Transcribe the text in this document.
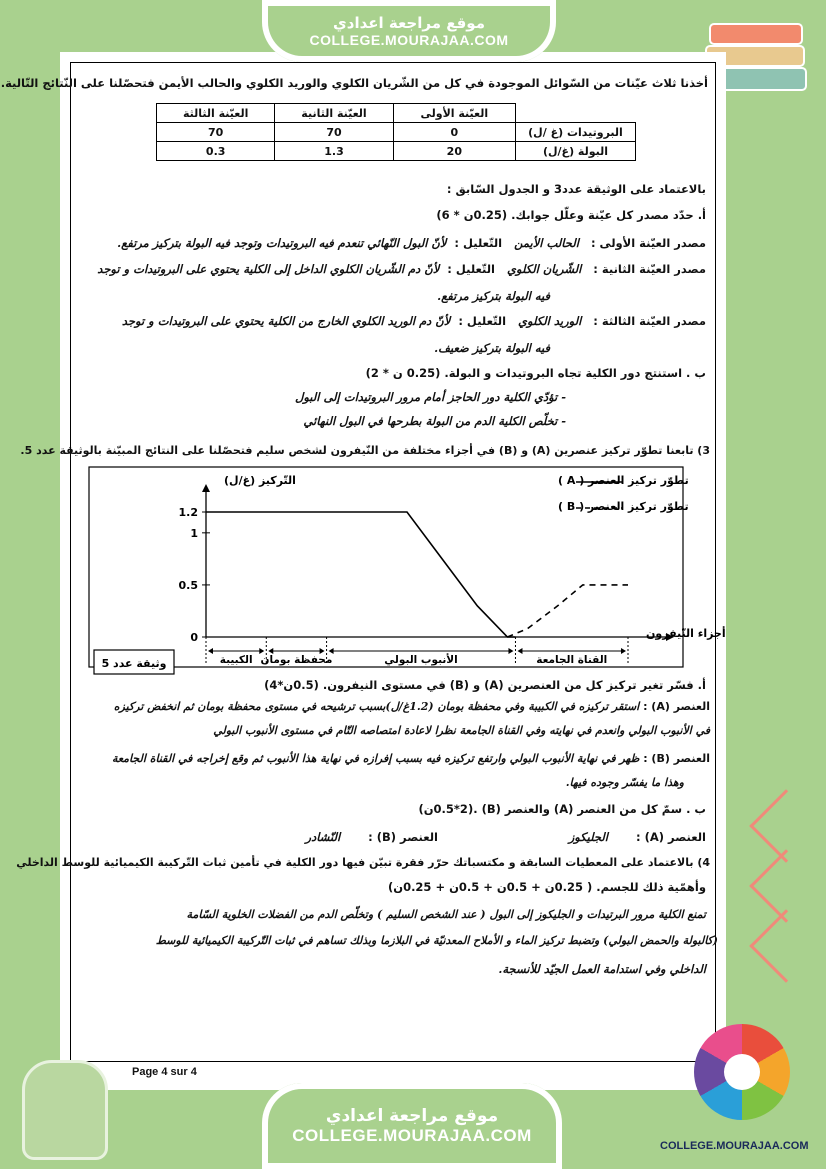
موقع مراجعة اعدادي
COLLEGE.MOURAJAA.COM
أخذنا ثلاث عيّنات من السّوائل الموجودة في كل من الشّريان الكلوي والوريد الكلوي والحالب الأيمن فتحصّلنا على النّتائج التّالية.
	العيّنة الأولى	العيّنة الثانية	العيّنة الثالثة
البروتيدات (غ /ل)	0	70	70
البولة (غ/ل)	20	1.3	0.3
بالاعتماد على الوثيقة عدد3 و الجدول السّابق :
أ. حدّد مصدر كل عيّنة وعلّل جوابك. (0.25ن * 6)
مصدر العيّنة الأولى :   الحالب الأيمن   التّعليل :  لأنّ البول النّهائي تنعدم فيه البروتيدات وتوجد فيه البولة بتركيز مرتفع.
مصدر العيّنة الثانية :   الشّريان الكلوي   التّعليل :  لأنّ دم الشّريان الكلوي الداخل إلى الكلية يحتوي على البروتيدات و توجد
فيه البولة بتركيز مرتفع.
مصدر العيّنة الثالثة :   الوريد الكلوي   التّعليل :  لأنّ دم الوريد الكلوي الخارج من الكلية يحتوي على البروتيدات و توجد
فيه البولة بتركيز ضعيف.
ب . استنتج دور الكلية تجاه البروتيدات و البولة. (0.25 ن * 2)
- تؤدّي الكلية دور الحاجز أمام مرور البروتيدات إلى البول
- تخلّص الكلية الدم من البولة بطرحها في البول النهائي
3) تابعنا تطوّر تركيز عنصرين (A) و (B) في أجزاء مختلفة من النّيفرون لشخص سليم فتحصّلنا على النتائج المبيّنة بالوثيقة عدد 5.
0
0.5
1
1.2
الكبيبة محفظة بومان	الأنبوب البولي	القناة الجامعة
التّركيز (غ/ل)
أجزاء النّيفرون
تطوّر تركيز العنصر ( A )
تطوّر تركيز العنصر ( B )
وثيقة عدد 5
أ. فسّر تغير تركيز كل من العنصرين (A) و (B) في مستوى النيفرون. (0.5ن*4)
العنصر (A) : استقر تركيزه في الكبيبة وفي محفظة بومان (1.2غ/ل)بسبب ترشيحه في مستوى محفظة بومان ثم انخفض تركيزه
في الأنبوب البولي وانعدم في نهايته وفي القناة الجامعة نظرا لاعادة امتصاصه التّام في مستوى الأنبوب البولي
العنصر (B) : ظهر في نهاية الأنبوب البولي وارتفع تركيزه فيه بسبب إفرازه في نهاية هذا الأنبوب ثم وقع إخراجه في القناة الجامعة
وهذا ما يفسّر وجوده فيها.
ب . سمّ كل من العنصر (A) والعنصر (B) .(0.5*2ن)
العنصر (A) :       الجليكوز
العنصر (B) :       النّشادر
4) بالاعتماد على المعطيات السابقة و مكتسباتك حرّر فقرة تبيّن فيها دور الكلية في تأمين ثبات التّركيبة الكيميائية للوسط الداخلي
وأهمّية ذلك للجسم. ( 0.25ن + 0.5ن + 0.5ن + 0.25ن)
تمنع الكلية مرور البرتيدات و الجليكوز إلى البول ( عند الشخص السليم ) وتخلّص الدم من الفضلات الخلوية السّامة
(كالبولة والحمض البولي) وتضبط تركيز الماء و الأملاح المعدنيّة في البلازما وبذلك تساهم في ثبات التّركيبة الكيميائية للوسط
الداخلي وفي استدامة العمل الجيّد للأنسجة.
Page 4 sur 4
COLLEGE.MOURAJAA.COM
موقع مراجعة اعدادي
COLLEGE.MOURAJAA.COM
